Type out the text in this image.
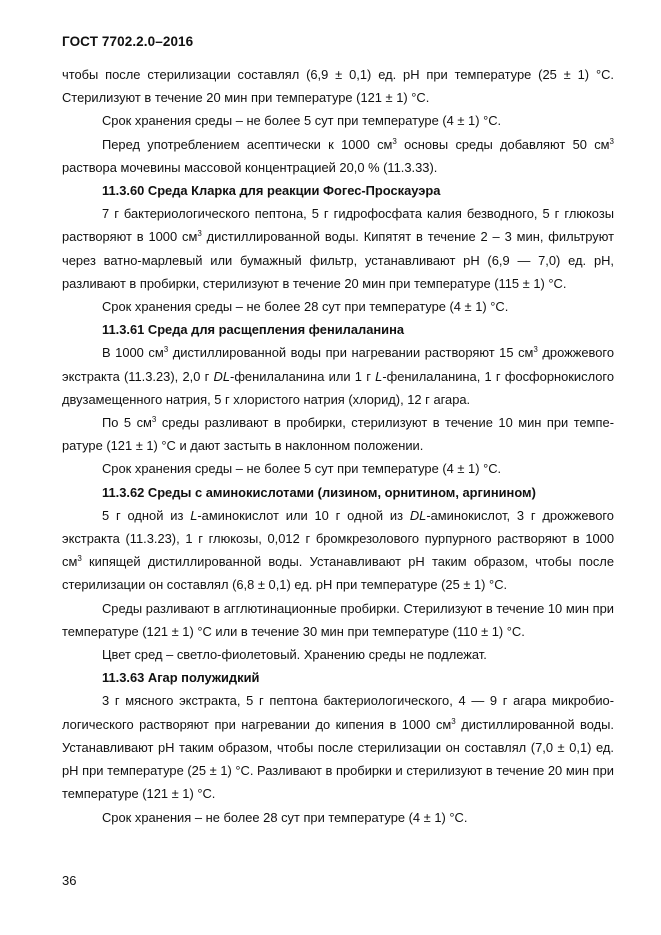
ГОСТ 7702.2.0–2016

чтобы после стерилизации составлял (6,9 ± 0,1) ед. pH при температуре (25 ± 1) °С. Стерилизуют в течение 20 мин при температуре (121 ± 1) °С.

Срок хранения среды – не более 5 сут при температуре (4 ± 1) °С.

Перед употреблением асептически к 1000 $см^3$ основы среды добавляют 50 $см^3$ раствора мочевины массовой концентрацией 20,0 % (11.3.33).

11.3.60 Среда Кларка для реакции Фогес-Проскауэра

7 г бактериологического пептона, 5 г гидрофосфата калия безводного, 5 г глюкозы растворяют в 1000 $см^3$ дистиллированной воды. Кипятят в течение 2 – 3 мин, фильтруют через ватно-марлевый или бумажный фильтр, устанавливают pH (6,9 — 7,0) ед. pH, разливают в пробирки, стерилизуют в течение 20 мин при температуре (115 ± 1) °С.

Срок хранения среды – не более 28 сут при температуре (4 ± 1) °С.

11.3.61 Среда для расщепления фенилаланина

В 1000 $см^3$ дистиллированной воды при нагревании растворяют 15 $см^3$ дрожжевого экстракта (11.3.23), 2,0 г DL-фенилаланина или 1 г L-фенилаланина, 1 г фосфорнокислого двузамещенного натрия, 5 г хлористого натрия (хлорид), 12 г агара.

По 5 $см^3$ среды разливают в пробирки, стерилизуют в течение 10 мин при температуре (121 ± 1) °С и дают застыть в наклонном положении.

Срок хранения среды – не более 5 сут при температуре (4 ± 1) °С.

11.3.62 Среды с аминокислотами (лизином, орнитином, аргинином)

5 г одной из L-аминокислот или 10 г одной из DL-аминокислот, 3 г дрожжевого экстракта (11.3.23), 1 г глюкозы, 0,012 г бромкрезолового пурпурного растворяют в 1000 $см^3$ кипящей дистиллированной воды. Устанавливают pH таким образом, чтобы после стерилизации он составлял (6,8 ± 0,1) ед. pH при температуре (25 ± 1) °С.

Среды разливают в агглютинационные пробирки. Стерилизуют в течение 10 мин при температуре (121 ± 1) °С или в течение 30 мин при температуре (110 ± 1) °С.

Цвет сред – светло-фиолетовый. Хранению среды не подлежат.

11.3.63 Агар полужидкий

3 г мясного экстракта, 5 г пептона бактериологического, 4 — 9 г агара микробиологического растворяют при нагревании до кипения в 1000 $см^3$ дистиллированной воды. Устанавливают pH таким образом, чтобы после стерилизации он составлял (7,0 ± 0,1) ед. pH при температуре (25 ± 1) °С. Разливают в пробирки и стерилизуют в течение 20 мин при температуре (121 ± 1) °С.

Срок хранения – не более 28 сут при температуре (4 ± 1) °С.

36
